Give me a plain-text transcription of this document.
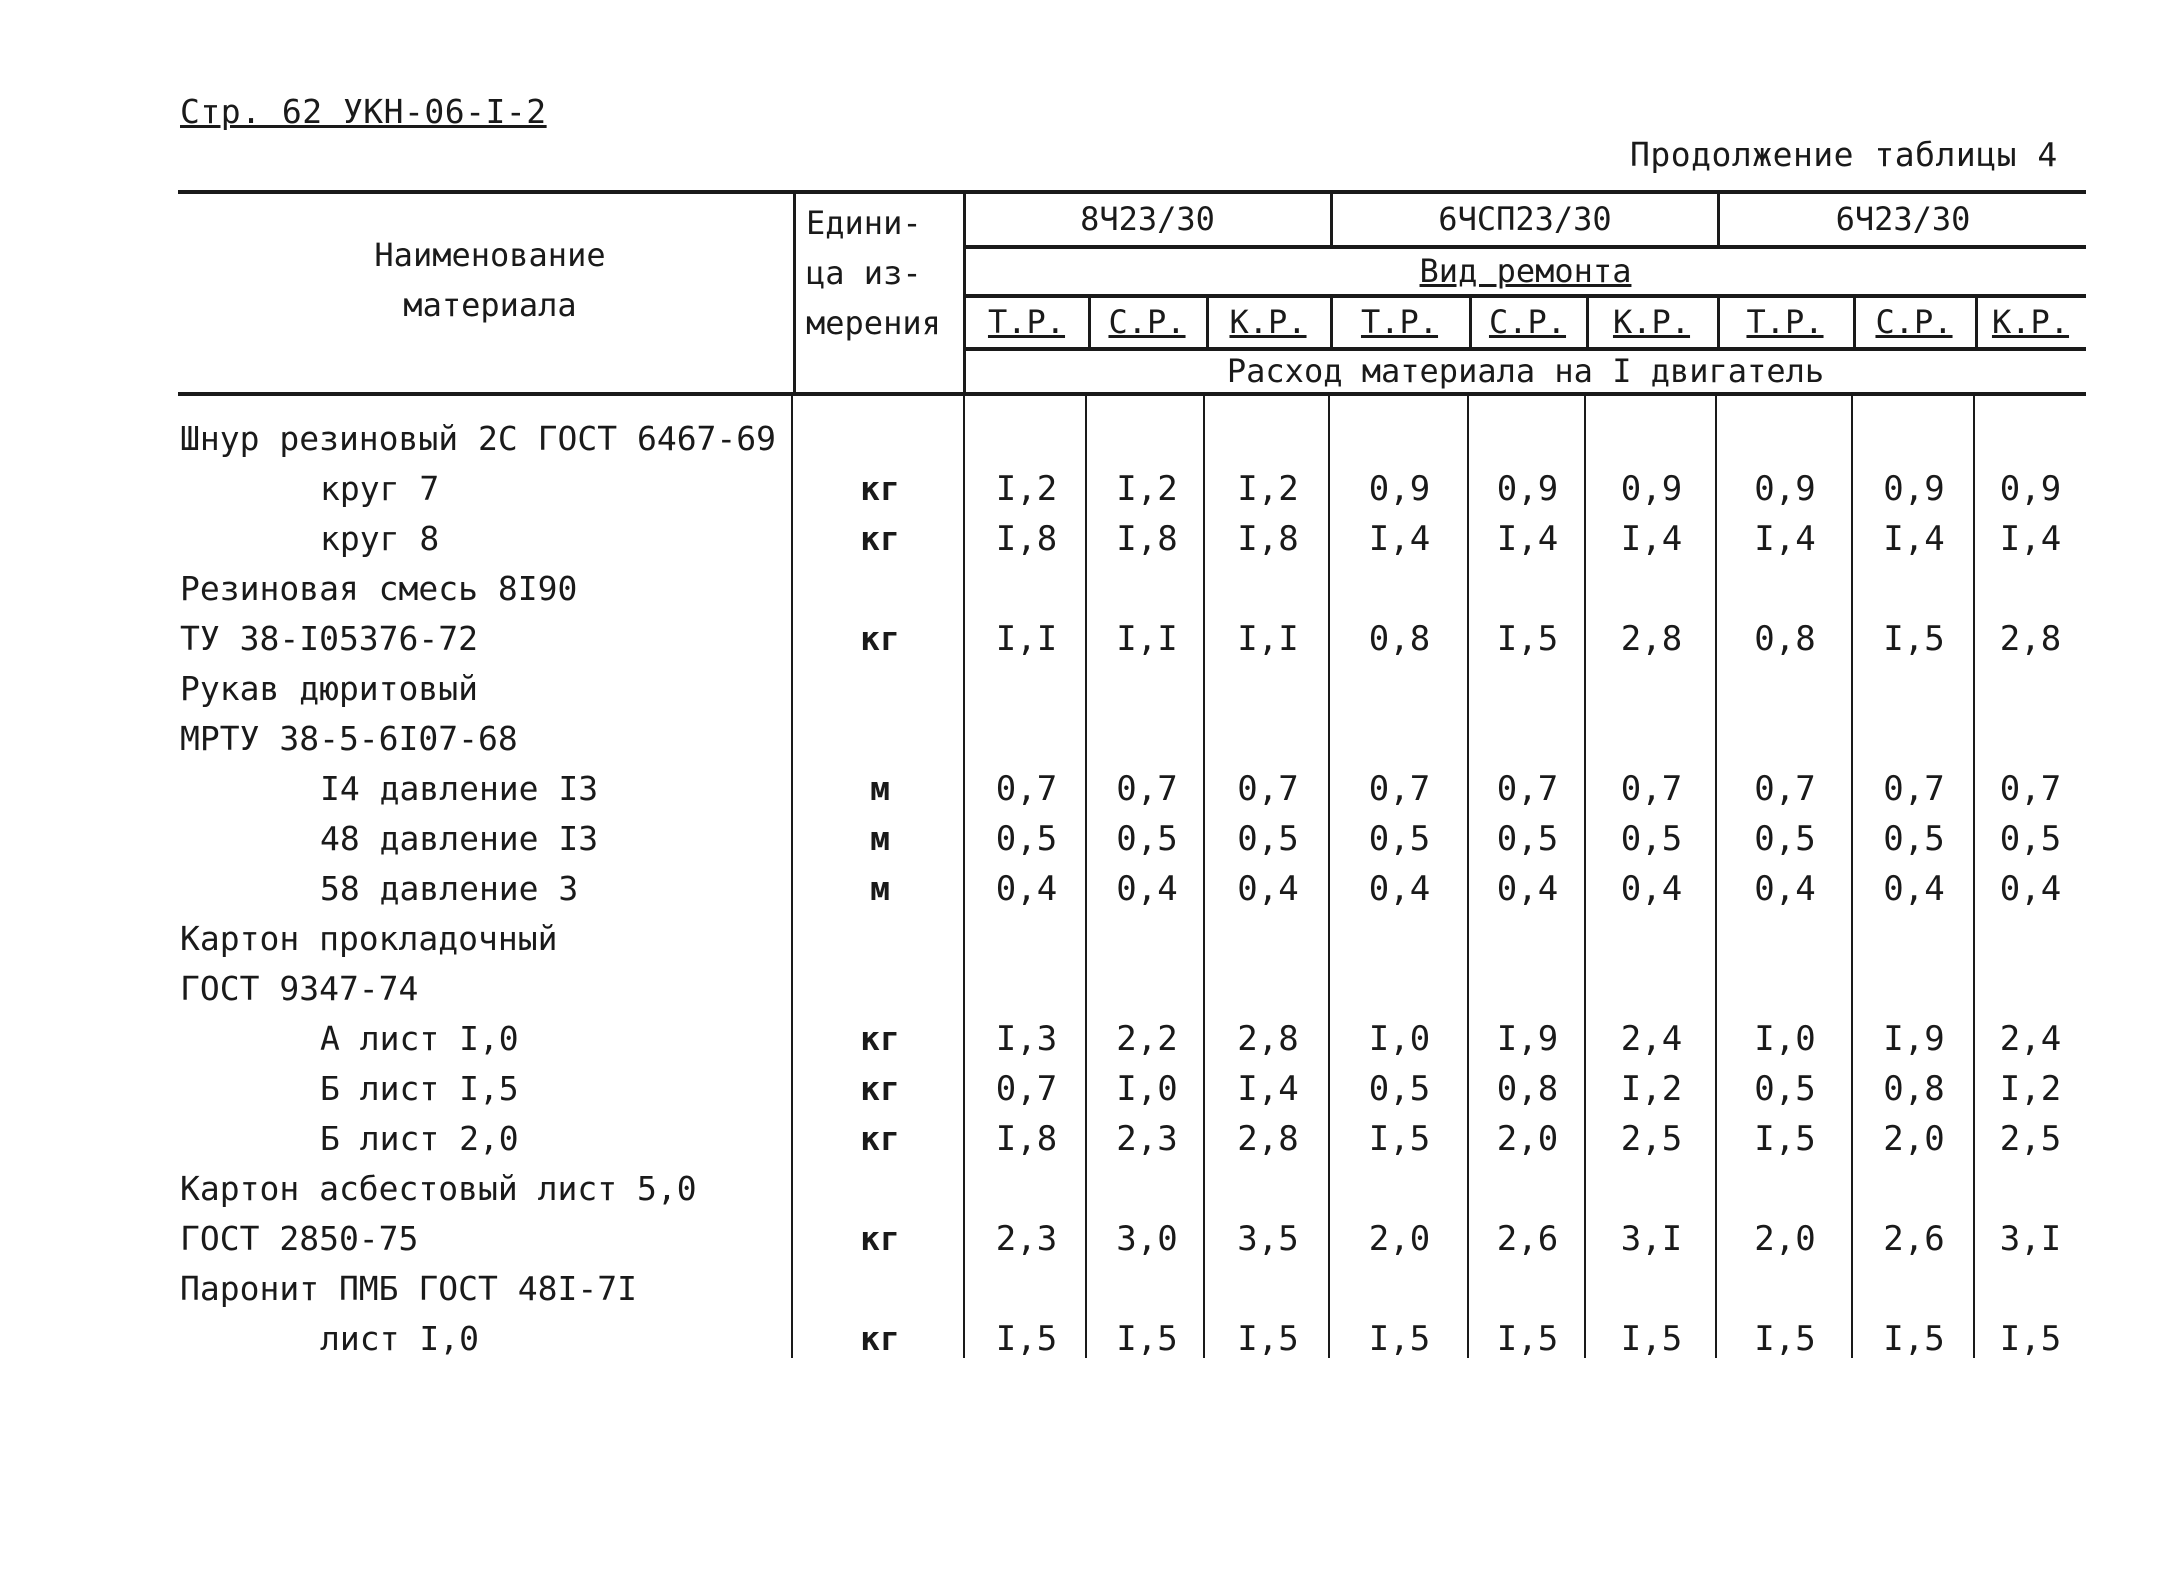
Стр. 62 УКН-06-I-2
Продолжение таблицы 4
Наименование
материала
Едини-
ца из-
мерения
8Ч23/30	6ЧСП23/30	6Ч23/30
Вид ремонта
Т.Р.	С.Р.	К.Р.	Т.Р.	С.Р.	К.Р.	Т.Р.	С.Р.	К.Р.
Расход материала на I двигатель
Шнур резиновый 2С ГОСТ 6467-69
круг 7	кг	I,2	I,2	I,2	0,9	0,9	0,9	0,9	0,9	0,9
круг 8	кг	I,8	I,8	I,8	I,4	I,4	I,4	I,4	I,4	I,4
Резиновая смесь 8I90
ТУ 38-I05376-72	кг	I,I	I,I	I,I	0,8	I,5	2,8	0,8	I,5	2,8
Рукав дюритовый
МРТУ 38-5-6I07-68
I4 давление I3	м	0,7	0,7	0,7	0,7	0,7	0,7	0,7	0,7	0,7
48 давление I3	м	0,5	0,5	0,5	0,5	0,5	0,5	0,5	0,5	0,5
58 давление 3	м	0,4	0,4	0,4	0,4	0,4	0,4	0,4	0,4	0,4
Картон прокладочный
ГОСТ 9347-74
А лист I,0	кг	I,3	2,2	2,8	I,0	I,9	2,4	I,0	I,9	2,4
Б лист I,5	кг	0,7	I,0	I,4	0,5	0,8	I,2	0,5	0,8	I,2
Б лист 2,0	кг	I,8	2,3	2,8	I,5	2,0	2,5	I,5	2,0	2,5
Картон асбестовый лист 5,0
ГОСТ 2850-75	кг	2,3	3,0	3,5	2,0	2,6	3,I	2,0	2,6	3,I
Паронит ПМБ ГОСТ 48I-7I
лист I,0	кг	I,5	I,5	I,5	I,5	I,5	I,5	I,5	I,5	I,5
